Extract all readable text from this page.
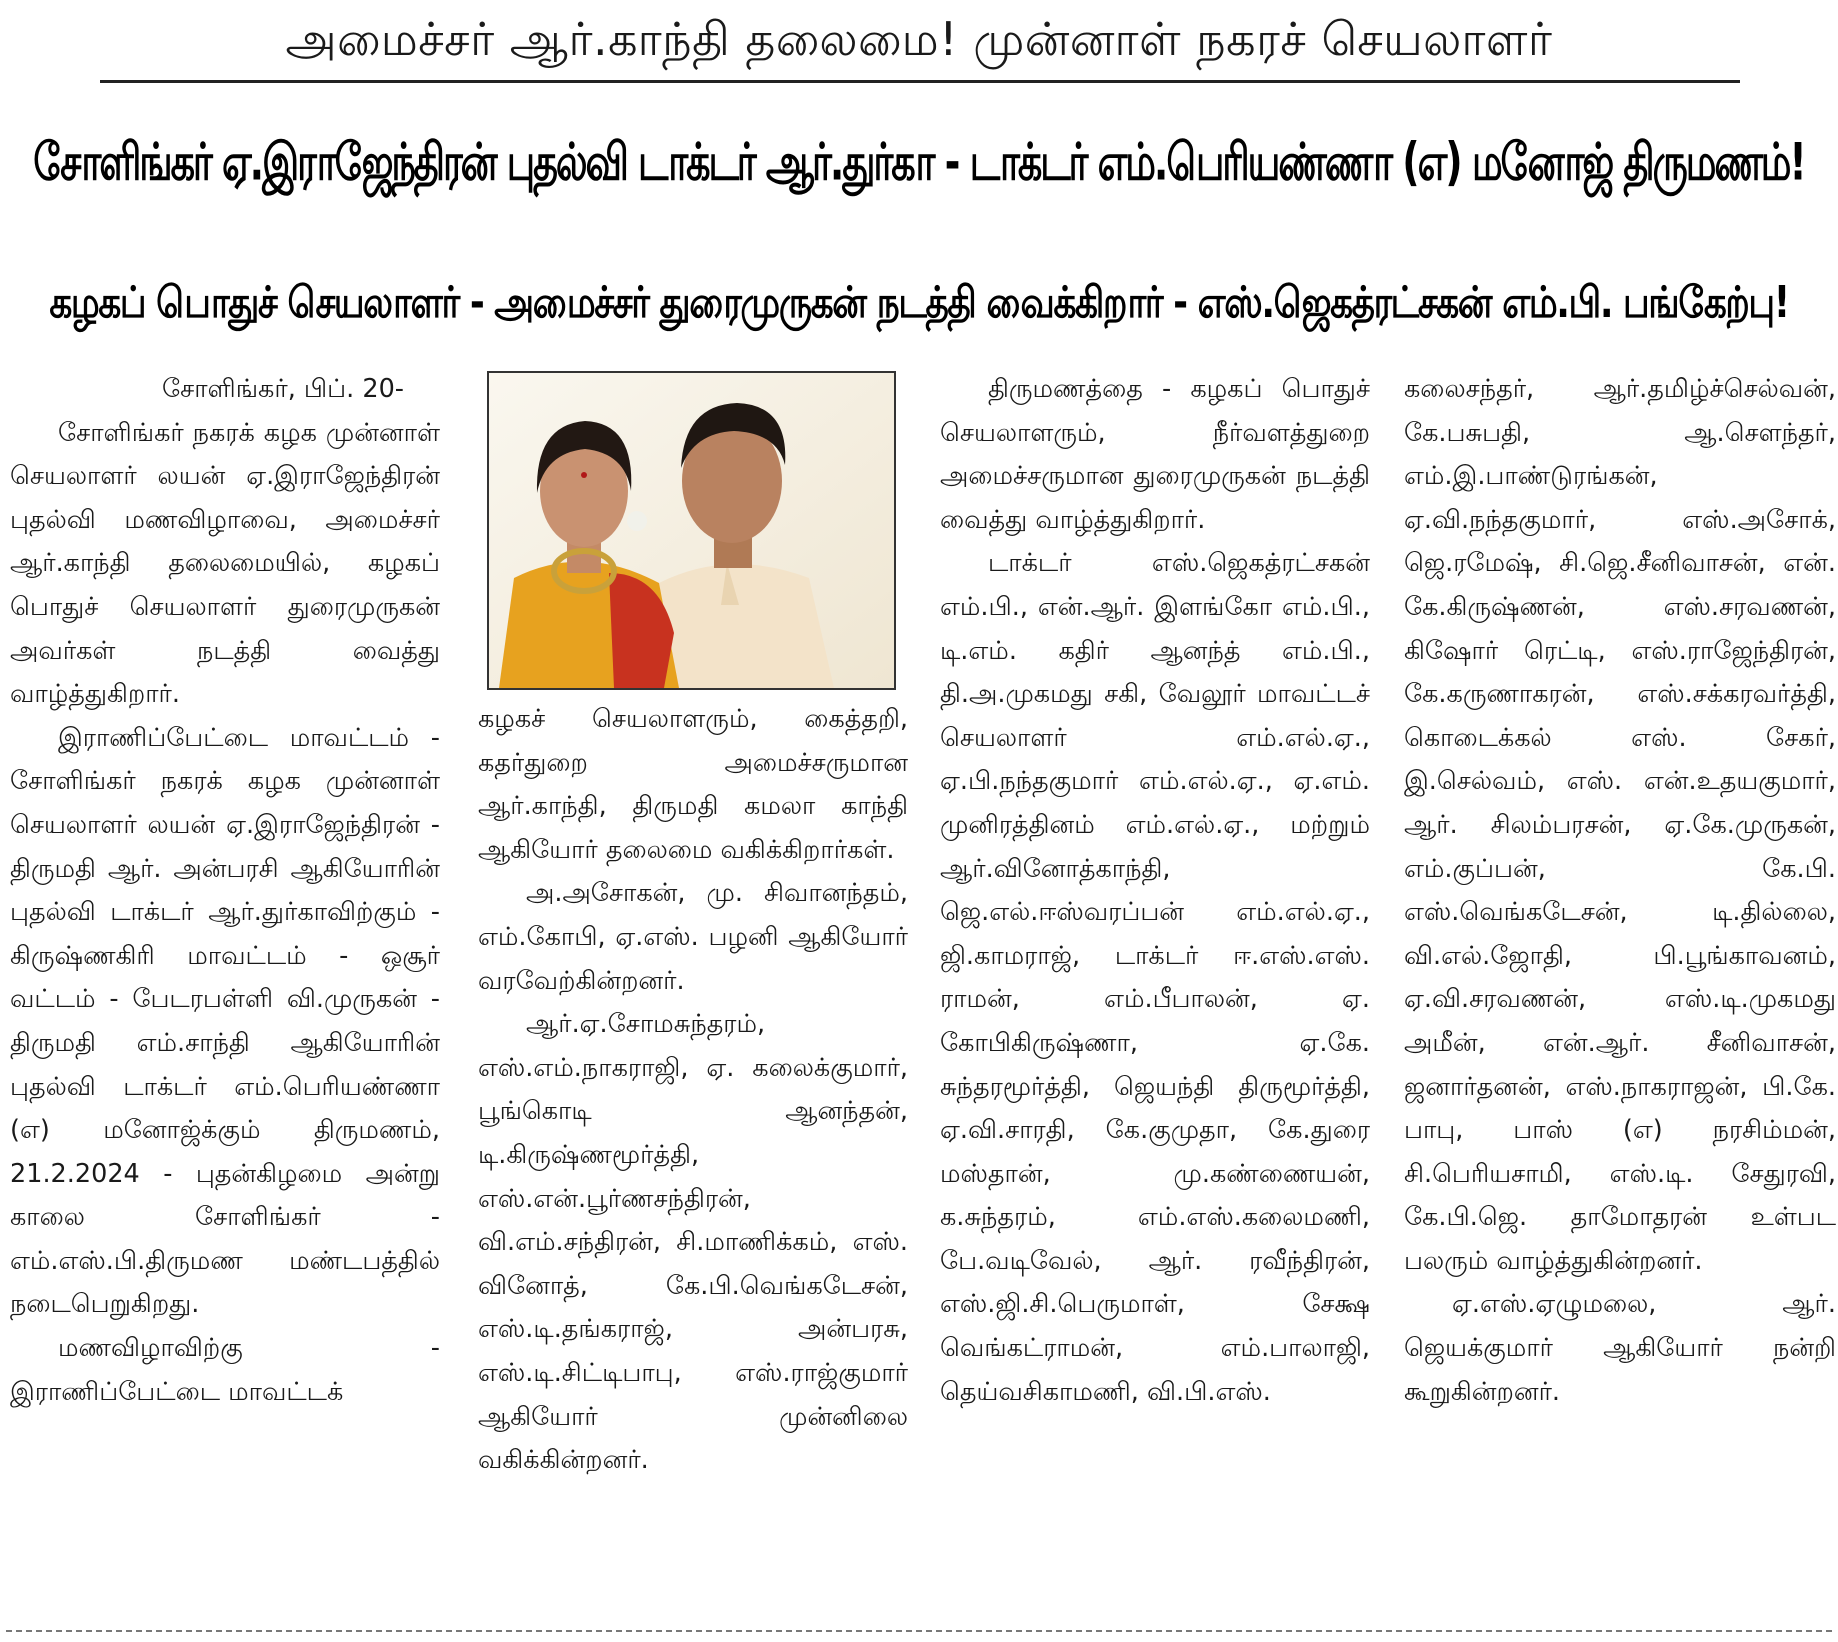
அமைச்சர் ஆர்.காந்தி தலைமை! முன்னாள் நகரச் செயலாளர்
சோளிங்கர் ஏ.இராஜேந்திரன் புதல்வி டாக்டர் ஆர்.துர்கா - டாக்டர் எம்.பெரியண்ணா (எ) மனோஜ் திருமணம்!
கழகப் பொதுச் செயலாளர் - அமைச்சர் துரைமுருகன் நடத்தி வைக்கிறார் - எஸ்.ஜெகத்ரட்சகன் எம்.பி. பங்கேற்பு!

சோளிங்கர், பிப். 20-

சோளிங்கர் நகரக் கழக முன்னாள் செயலாளர் லயன் ஏ.இராஜேந்திரன் புதல்வி மணவிழாவை, அமைச்சர் ஆர்.காந்தி தலைமையில், கழகப் பொதுச் செயலாளர் துரைமுருகன் அவர்கள் நடத்தி வைத்து வாழ்த்துகிறார்.

இராணிப்பேட்டை மாவட்டம் - சோளிங்கர் நகரக் கழக முன்னாள் செயலாளர் லயன் ஏ.இராஜேந்திரன் - திருமதி ஆர். அன்பரசி ஆகியோரின் புதல்வி டாக்டர் ஆர்.துர்காவிற்கும் - கிருஷ்ணகிரி மாவட்டம் - ஒசூர் வட்டம் - பேடரபள்ளி வி.முருகன் - திருமதி எம்.சாந்தி ஆகியோரின் புதல்வி டாக்டர் எம்.பெரியண்ணா (எ) மனோஜ்க்கும் திருமணம், 21.2.2024 - புதன்கிழமை அன்று காலை சோளிங்கர் - எம்.எஸ்.பி.திருமண மண்டபத்தில் நடைபெறுகிறது.

மணவிழாவிற்கு - இராணிப்பேட்டை மாவட்டக்

கழகச் செயலாளரும், கைத்தறி, கதர்துறை அமைச்சருமான ஆர்.காந்தி, திருமதி கமலா காந்தி ஆகியோர் தலைமை வகிக்கிறார்கள்.

அ.அசோகன், மு. சிவானந்தம், எம்.கோபி, ஏ.எஸ். பழனி ஆகியோர் வரவேற்கின்றனர்.

ஆர்.ஏ.சோமசுந்தரம், எஸ்.எம்.நாகராஜி, ஏ. கலைக்குமார், பூங்கொடி ஆனந்தன், டி.கிருஷ்ணமூர்த்தி, எஸ்.என்.பூர்ணசந்திரன், வி.எம்.சந்திரன், சி.மாணிக்கம், எஸ். வினோத், கே.பி.வெங்கடேசன், எஸ்.டி.தங்கராஜ், அன்பரசு, எஸ்.டி.சிட்டிபாபு, எஸ்.ராஜ்குமார் ஆகியோர் முன்னிலை வகிக்கின்றனர்.

திருமணத்தை - கழகப் பொதுச் செயலாளரும், நீர்வளத்துறை அமைச்சருமான துரைமுருகன் நடத்தி வைத்து வாழ்த்துகிறார்.

டாக்டர் எஸ்.ஜெகத்ரட்சகன் எம்.பி., என்.ஆர். இளங்கோ எம்.பி., டி.எம். கதிர் ஆனந்த் எம்.பி., தி.அ.முகமது சகி, வேலூர் மாவட்டச் செயலாளர் எம்.எல்.ஏ., ஏ.பி.நந்தகுமார் எம்.எல்.ஏ., ஏ.எம். முனிரத்தினம் எம்.எல்.ஏ., மற்றும் ஆர்.வினோத்காந்தி, ஜெ.எல்.ஈஸ்வரப்பன் எம்.எல்.ஏ., ஜி.காமராஜ், டாக்டர் ஈ.எஸ்.எஸ். ராமன், எம்.பீபாலன், ஏ. கோபிகிருஷ்ணா, ஏ.கே. சுந்தரமூர்த்தி, ஜெயந்தி திருமூர்த்தி, ஏ.வி.சாரதி, கே.குமுதா, கே.துரை மஸ்தான், மு.கண்ணையன், க.சுந்தரம், எம்.எஸ்.கலைமணி, பே.வடிவேல், ஆர். ரவீந்திரன், எஸ்.ஜி.சி.பெருமாள், சேக்ஷ வெங்கட்ராமன், எம்.பாலாஜி, தெய்வசிகாமணி, வி.பி.எஸ்.

கலைசந்தர், ஆர்.தமிழ்ச்செல்வன், கே.பசுபதி, ஆ.சௌந்தர், எம்.இ.பாண்டுரங்கன், ஏ.வி.நந்தகுமார், எஸ்.அசோக், ஜெ.ரமேஷ், சி.ஜெ.சீனிவாசன், என். கே.கிருஷ்ணன், எஸ்.சரவணன், கிஷோர் ரெட்டி, எஸ்.ராஜேந்திரன், கே.கருணாகரன், எஸ்.சக்கரவர்த்தி, கொடைக்கல் எஸ். சேகர், இ.செல்வம், எஸ். என்.உதயகுமார், ஆர். சிலம்பரசன், ஏ.கே.முருகன், எம்.குப்பன், கே.பி. எஸ்.வெங்கடேசன், டி.தில்லை, வி.எல்.ஜோதி, பி.பூங்காவனம், ஏ.வி.சரவணன், எஸ்.டி.முகமது அமீன், என்.ஆர். சீனிவாசன், ஜனார்தனன், எஸ்.நாகராஜன், பி.கே. பாபு, பாஸ் (எ) நரசிம்மன், சி.பெரியசாமி, எஸ்.டி. சேதுரவி, கே.பி.ஜெ. தாமோதரன் உள்பட பலரும் வாழ்த்துகின்றனர்.

ஏ.எஸ்.ஏழுமலை, ஆர். ஜெயக்குமார் ஆகியோர் நன்றி கூறுகின்றனர்.
